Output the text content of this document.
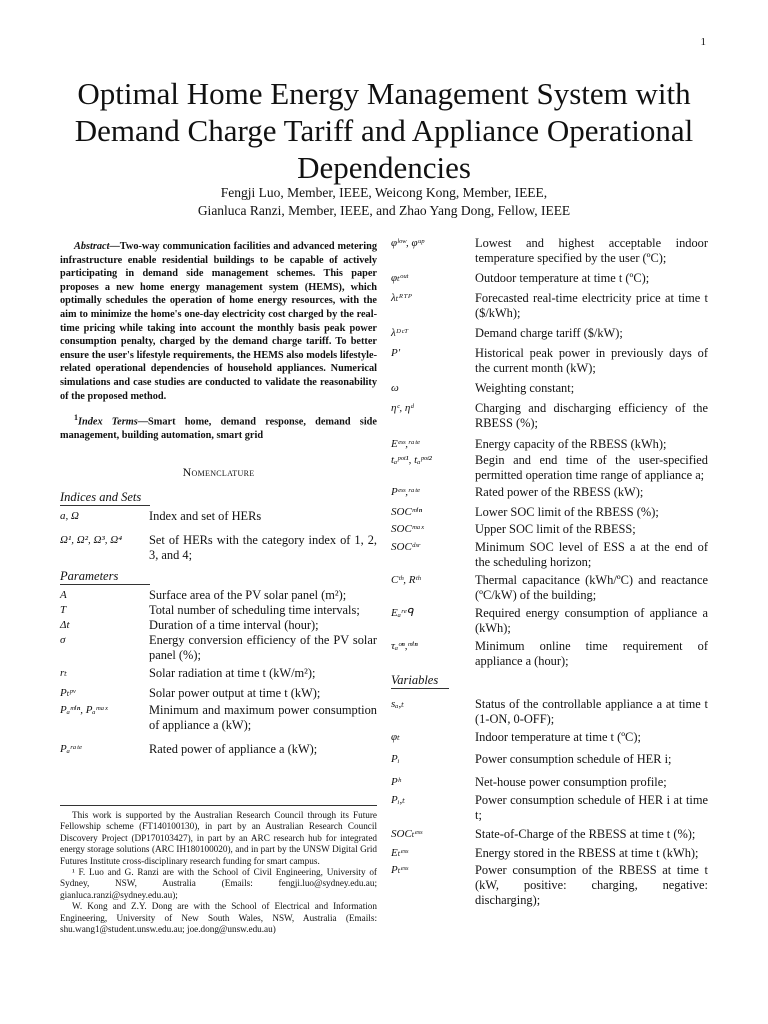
1
Optimal Home Energy Management System with Demand Charge Tariff and Appliance Operational Dependencies
Fengji Luo, Member, IEEE, Weicong Kong, Member, IEEE,
Gianluca Ranzi, Member, IEEE, and Zhao Yang Dong, Fellow, IEEE

Abstract—Two-way communication facilities and advanced metering infrastructure enable residential buildings to be capable of actively participating in demand side management schemes. This paper proposes a new home energy management system (HEMS), which optimally schedules the operation of home energy resources, with the aim to minimize the home's one-day electricity cost charged by the real-time pricing while taking into account the monthly basis peak power consumption penalty, charged by the demand charge tariff. To better ensure the user's lifestyle requirements, the HEMS also models lifestyle-related operational dependencies of household appliances. Numerical simulations and case studies are conducted to validate the reasonability of the proposed method.

$^1$Index Terms—Smart home, demand response, demand side management, building automation, smart grid

Nomenclature
Indices and Sets
a, Ω	Index and set of HERs
Ω¹, Ω², Ω³, Ω⁴	Set of HERs with the category index of 1, 2, 3, and 4;
Parameters
A	Surface area of the PV solar panel (m²);
T	Total number of scheduling time intervals;
Δt	Duration of a time interval (hour);
σ	Energy conversion efficiency of the PV solar panel (%);
rₜ	Solar radiation at time t (kW/m²);
Pₜᵖᵛ	Solar power output at time t (kW);
Pₐᵐⁱⁿ, Pₐᵐᵃˣ	Minimum and maximum power consumption of appliance a (kW);
Pₐʳᵃᵗᵉ	Rated power of appliance a (kW);
φˡᵒʷ, φᵘᵖ	Lowest and highest acceptable indoor temperature specified by the user (ºC);
φₜᵒᵘᵗ	Outdoor temperature at time t (ºC);
λₜᴿᵀᴾ	Forecasted real-time electricity price at time t ($/kWh);
λᴰᶜᵀ	Demand charge tariff ($/kW);
P′	Historical peak power in previously days of the current month (kW);
ω	Weighting constant;
ηᶜ, ηᵈ	Charging and discharging efficiency of the RBESS (%);
Eᵉˢˢ,ʳᵃᵗᵉ	Energy capacity of the RBESS (kWh);
tₐᵖᵒᵗ¹, tₐᵖᵒᵗ²	Begin and end time of the user-specified permitted operation time range of appliance a;
Pᵉˢˢ,ʳᵃᵗᵉ	Rated power of the RBESS (kW);
SOCᵐⁱⁿ	Lower SOC limit of the RBESS (%);
SOCᵐᵃˣ	Upper SOC limit of the RBESS;
SOCᵈˢʳ	Minimum SOC level of ESS a at the end of the scheduling horizon;
Cᵗʰ, Rᵗʰ	Thermal capacitance (kWh/ºC) and reactance (ºC/kW) of the building;
Eₐʳᵉᑫ	Required energy consumption of appliance a (kWh);
τₐᵒⁿ,ᵐⁱⁿ	Minimum online time requirement of appliance a (hour);
Variables
sₐ,ₜ	Status of the controllable appliance a at time t (1-ON, 0-OFF);
φₜ	Indoor temperature at time t (ºC);
Pᵢ	Power consumption schedule of HER i;
Pʰ	Net-house power consumption profile;
Pᵢ,ₜ	Power consumption schedule of HER i at time t;
SOCₜᵉˢˢ	State-of-Charge of the RBESS at time t (%);
Eₜᵉˢˢ	Energy stored in the RBESS at time t (kWh);
Pₜᵉˢˢ	Power consumption of the RBESS at time t (kW, positive: charging, negative: discharging);

This work is supported by the Australian Research Council through its Future Fellowship scheme (FT140100130), in part by an Australian Research Council Discovery Project (DP170103427), in part by an ARC research hub for integrated energy storage solutions (ARC IH180100020), and in part by the UNSW Digital Grid Futures Institute cross-disciplinary research funding for smart campus.

¹ F. Luo and G. Ranzi are with the School of Civil Engineering, University of Sydney, NSW, Australia (Emails: fengji.luo@sydney.edu.au; gianluca.ranzi@sydney.edu.au);

W. Kong and Z.Y. Dong are with the School of Electrical and Information Engineering, University of New South Wales, NSW, Australia (Emails: shu.wang1@student.unsw.edu.au; joe.dong@unsw.edu.au)
